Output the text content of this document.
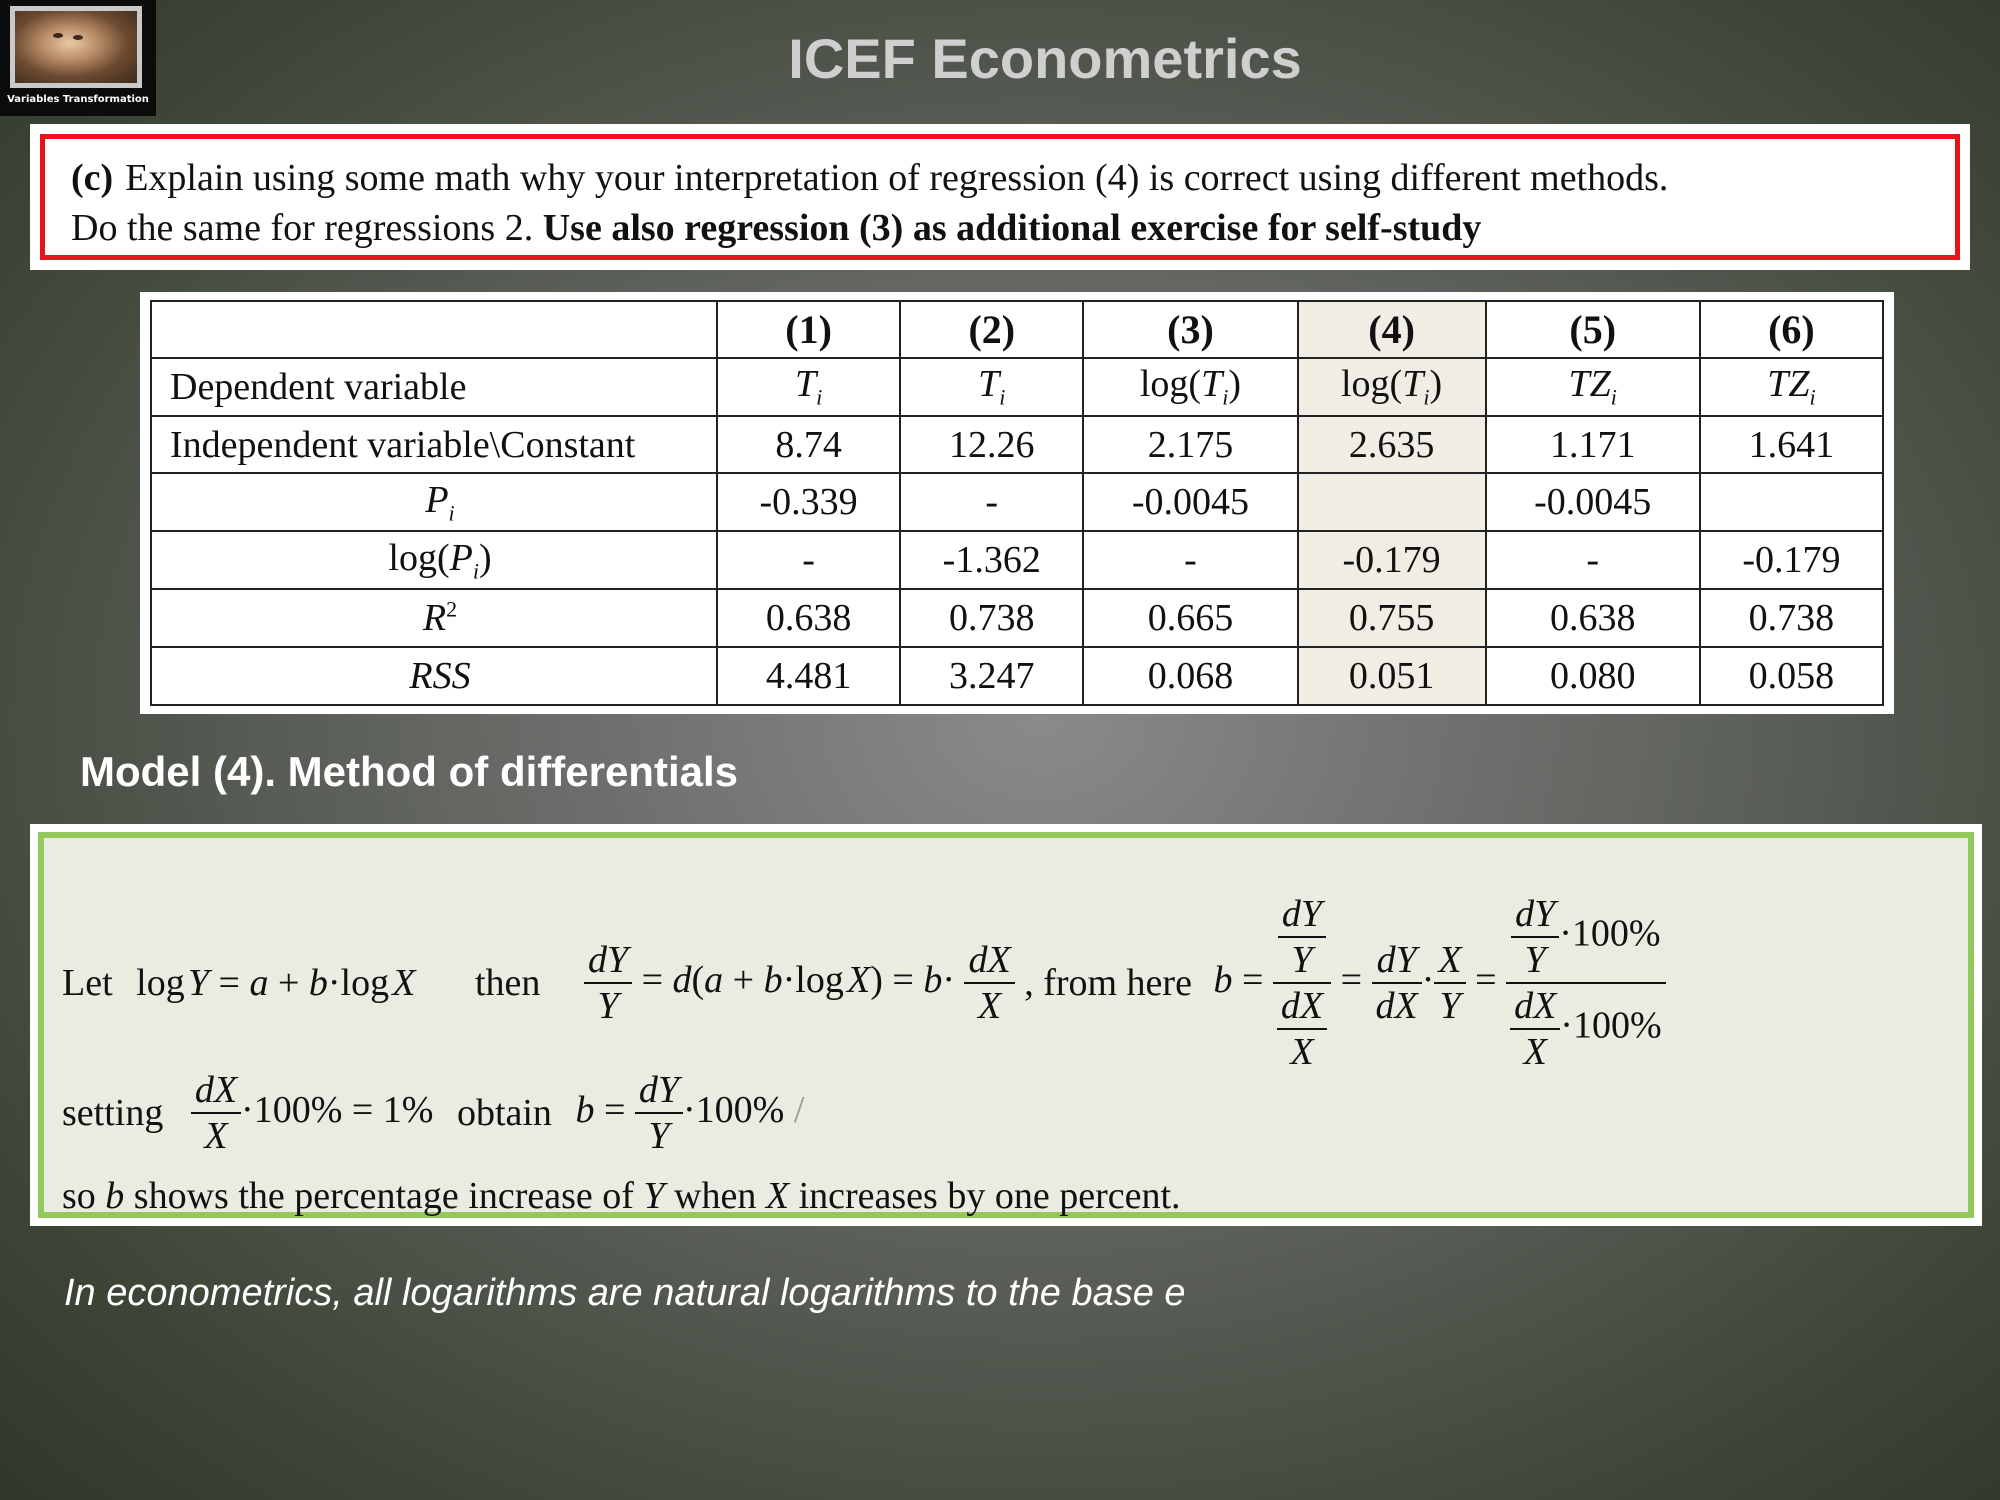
Variables Transformation
ICEF Econometrics
(c) Explain using some math why your interpretation of regression (4) is correct using different methods.
Do the same for regressions 2. Use also regression (3) as additional exercise for self-study
	(1)	(2)	(3)	(4)	(5)	(6)
Dependent variable	$T_i$	$T_i$	$\log(T_i)$	$\log(T_i)$	$TZ_i$	$TZ_i$
Independent variable\Constant	8.74	12.26	2.175	2.635	1.171	1.641
$P_i$	-0.339	-	-0.0045		-0.0045	
$\log(P_i)$	-	-1.362	-	-0.179	-	-0.179
$R^2$	0.638	0.738	0.665	0.755	0.638	0.738
RSS	4.481	3.247	0.068	0.051	0.080	0.058
Model (4). Method of differentials
Let log Y = a + b·log X then $\frac{dY}{Y} = d(a + b\cdot\log$ $X) = b\cdot \frac{dX}{X}$ , from here $b = \frac{\frac{dY}{Y}}{\frac{dX}{X}} = \frac{dY}{dX} \cdot \frac{X}{Y} = \frac{\frac{dY}{Y} \cdot 100\%}{\frac{dX}{X} \cdot 100\%}$
setting $\frac{dX}{X} \cdot 100\% = 1\%$ obtain $b = \frac{dY}{Y} \cdot 100\%$ /
so b shows the percentage increase of Y when X increases by one percent.
In econometrics, all logarithms are natural logarithms to the base e
